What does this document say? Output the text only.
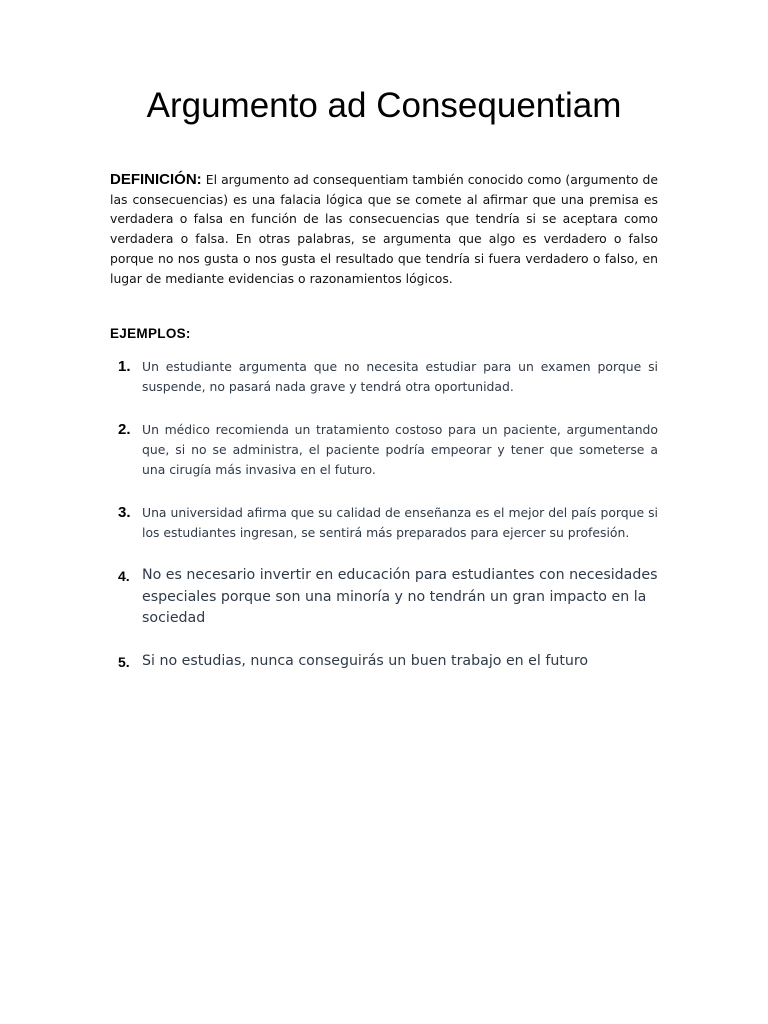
Argumento ad Consequentiam

DEFINICIÓN: El argumento ad consequentiam también conocido como (argumento de las consecuencias) es una falacia lógica que se comete al afirmar que una premisa es verdadera o falsa en función de las consecuencias que tendría si se aceptara como verdadera o falsa. En otras palabras, se argumenta que algo es verdadero o falso porque no nos gusta o nos gusta el resultado que tendría si fuera verdadero o falso, en lugar de mediante evidencias o razonamientos lógicos.

EJEMPLOS:

1. Un estudiante argumenta que no necesita estudiar para un examen porque si suspende, no pasará nada grave y tendrá otra oportunidad.
2. Un médico recomienda un tratamiento costoso para un paciente, argumentando que, si no se administra, el paciente podría empeorar y tener que someterse a una cirugía más invasiva en el futuro.
3. Una universidad afirma que su calidad de enseñanza es el mejor del país porque si los estudiantes ingresan, se sentirá más preparados para ejercer su profesión.
4. No es necesario invertir en educación para estudiantes con necesidades especiales porque son una minoría y no tendrán un gran impacto en la sociedad
5. Si no estudias, nunca conseguirás un buen trabajo en el futuro
